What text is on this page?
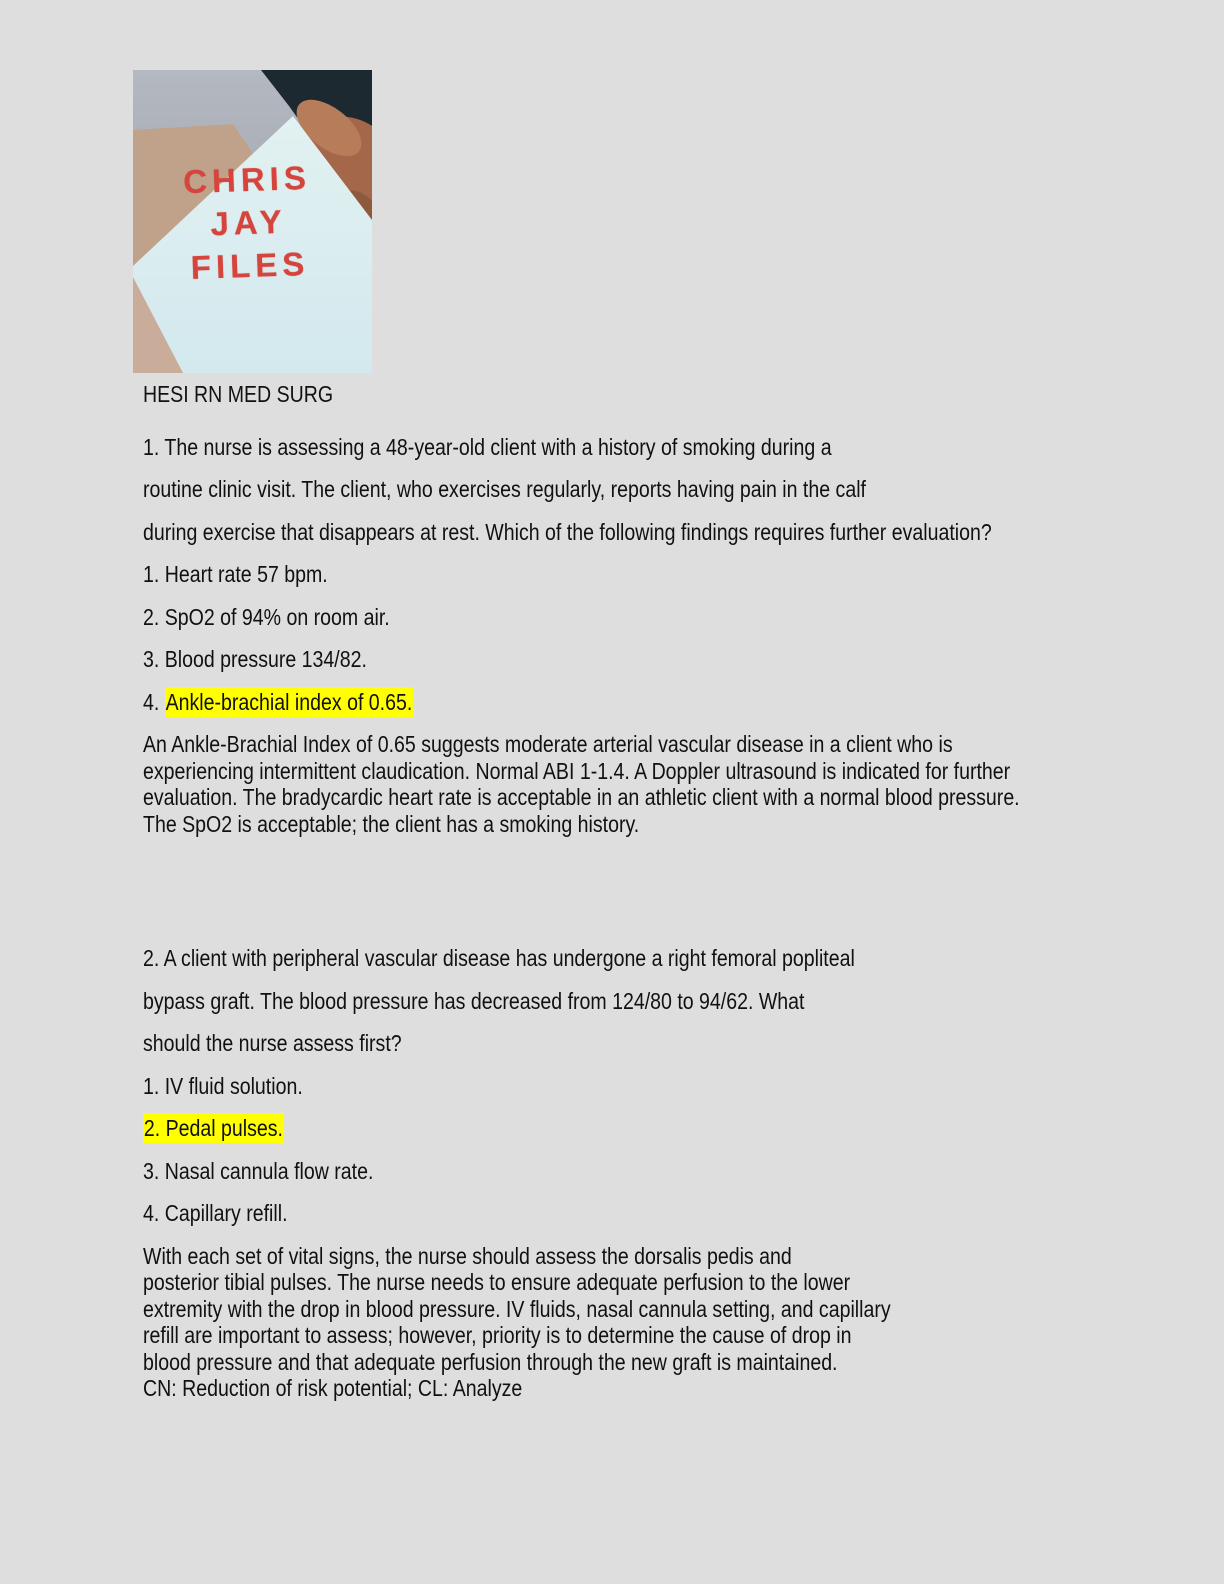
CHRIS
JAY
FILES
HESI RN MED SURG

1. The nurse is assessing a 48-year-old client with a history of smoking during a

routine clinic visit. The client, who exercises regularly, reports having pain in the calf

during exercise that disappears at rest. Which of the following findings requires further evaluation?

1. Heart rate 57 bpm.

2. SpO2 of 94% on room air.

3. Blood pressure 134/82.

4. Ankle-brachial index of 0.65.

An Ankle-Brachial Index of 0.65 suggests moderate arterial vascular disease in a client who is

experiencing intermittent claudication. Normal ABI 1-1.4. A Doppler ultrasound is indicated for further

evaluation. The bradycardic heart rate is acceptable in an athletic client with a normal blood pressure.

The SpO2 is acceptable; the client has a smoking history.

2. A client with peripheral vascular disease has undergone a right femoral popliteal

bypass graft. The blood pressure has decreased from 124/80 to 94/62. What

should the nurse assess first?

1. IV fluid solution.

2. Pedal pulses.

3. Nasal cannula flow rate.

4. Capillary refill.

With each set of vital signs, the nurse should assess the dorsalis pedis and

posterior tibial pulses. The nurse needs to ensure adequate perfusion to the lower

extremity with the drop in blood pressure. IV fluids, nasal cannula setting, and capillary

refill are important to assess; however, priority is to determine the cause of drop in

blood pressure and that adequate perfusion through the new graft is maintained.

CN: Reduction of risk potential; CL: Analyze
